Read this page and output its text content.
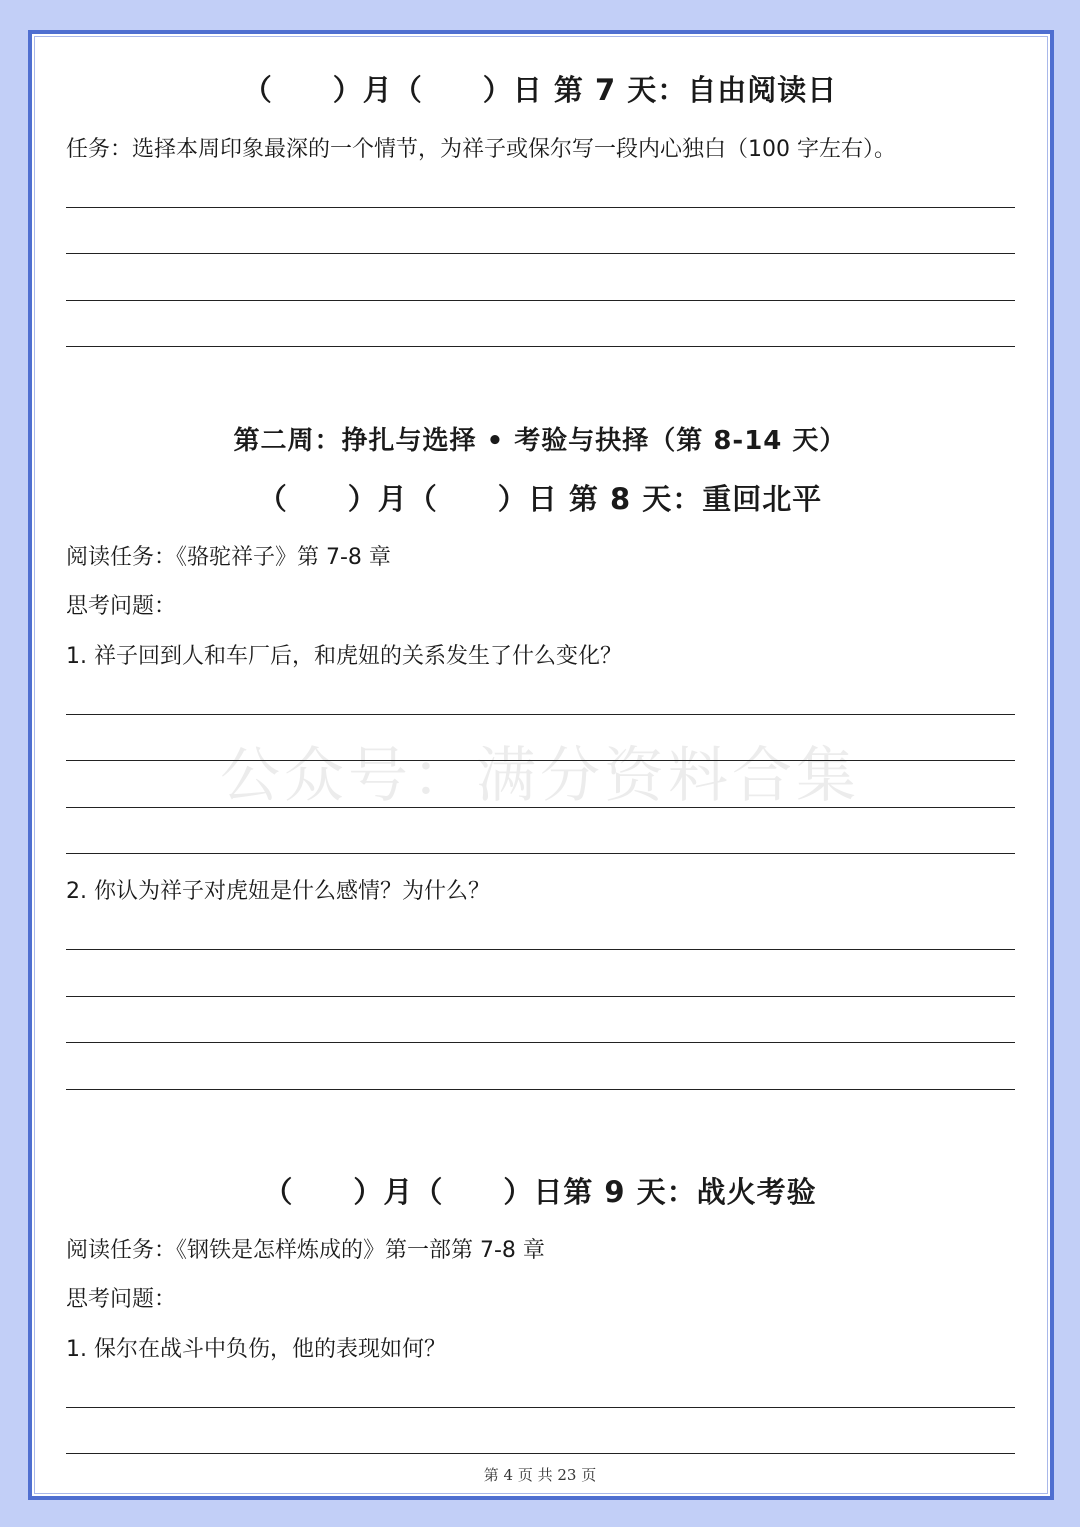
公众号：满分资料合集
（　　）月（　　）日 第 7 天：自由阅读日
任务：选择本周印象最深的一个情节，为祥子或保尔写一段内心独白（100 字左右）。
第二周：挣扎与选择 • 考验与抉择（第 8-14 天）
（　　）月（　　）日 第 8 天：重回北平
阅读任务：《骆驼祥子》第 7-8 章
思考问题：
1. 祥子回到人和车厂后，和虎妞的关系发生了什么变化？
2. 你认为祥子对虎妞是什么感情？为什么？
（　　）月（　　）日第 9 天：战火考验
阅读任务：《钢铁是怎样炼成的》第一部第 7-8 章
思考问题：
1. 保尔在战斗中负伤，他的表现如何？
第 4 页 共 23 页
